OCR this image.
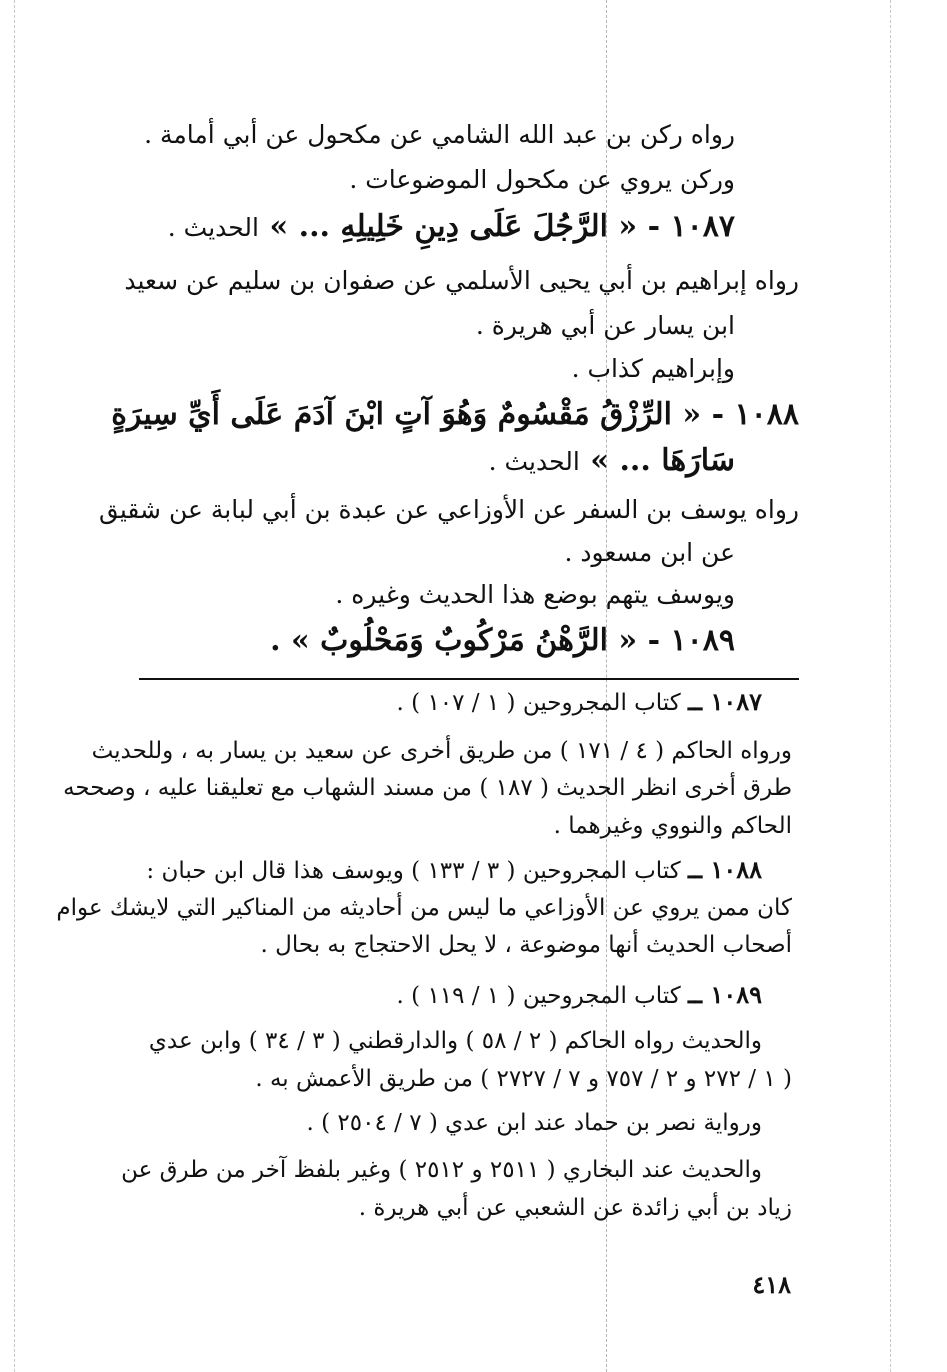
رواه ركن بن عبد الله الشامي عن مكحول عن أبي أمامة .
وركن يروي عن مكحول الموضوعات .
١٠٨٧ - « الرَّجُلَ عَلَى دِينِ خَلِيلِهِ ... » الحديث .
رواه إبراهيم بن أبي يحيى الأسلمي عن صفوان بن سليم عن سعيد
ابن يسار عن أبي هريرة .
وإبراهيم كذاب .
١٠٨٨ - « الرِّزْقُ مَقْسُومٌ وَهُوَ آتٍ ابْنَ آدَمَ عَلَى أَيِّ سِيرَةٍ
سَارَهَا ... » الحديث .
رواه يوسف بن السفر عن الأوزاعي عن عبدة بن أبي لبابة عن شقيق
عن ابن مسعود .
ويوسف يتهم بوضع هذا الحديث وغيره .
١٠٨٩ - « الرَّهْنُ مَرْكُوبٌ وَمَحْلُوبٌ » .
١٠٨٧ ــ كتاب المجروحين ( ١ / ١٠٧ ) .
ورواه الحاكم ( ٤ / ١٧١ ) من طريق أخرى عن سعيد بن يسار به ، وللحديث
طرق أخرى انظر الحديث ( ١٨٧ ) من مسند الشهاب مع تعليقنا عليه ، وصححه
الحاكم والنووي وغيرهما .
١٠٨٨ ــ كتاب المجروحين ( ٣ / ١٣٣ ) ويوسف هذا قال ابن حبان :
كان ممن يروي عن الأوزاعي ما ليس من أحاديثه من المناكير التي لايشك عوام
أصحاب الحديث أنها موضوعة ، لا يحل الاحتجاج به بحال .
١٠٨٩ ــ كتاب المجروحين ( ١ / ١١٩ ) .
والحديث رواه الحاكم ( ٢ / ٥٨ ) والدارقطني ( ٣ / ٣٤ ) وابن عدي
( ١ / ٢٧٢ و ٢ / ٧٥٧ و ٧ / ٢٧٢٧ ) من طريق الأعمش به .
ورواية نصر بن حماد عند ابن عدي ( ٧ / ٢٥٠٤ ) .
والحديث عند البخاري ( ٢٥١١ و ٢٥١٢ ) وغير بلفظ آخر من طرق عن
زياد بن أبي زائدة عن الشعبي عن أبي هريرة .
٤١٨
